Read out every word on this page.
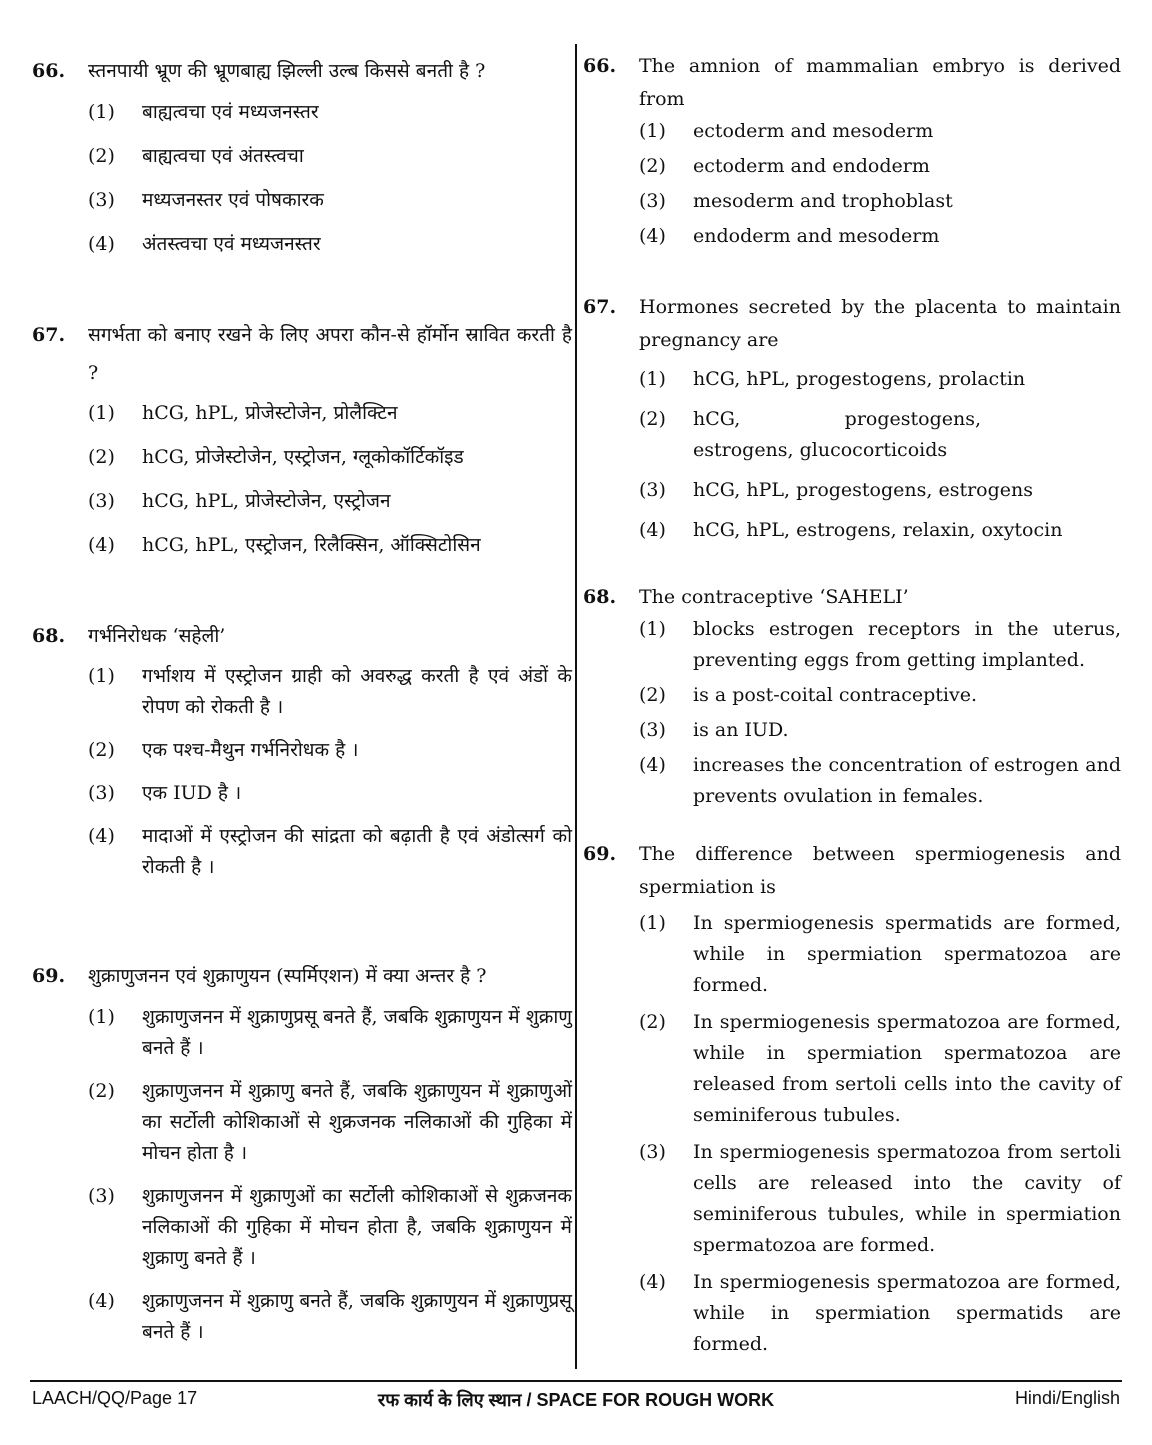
66. स्तनपायी भ्रूण की भ्रूणबाह्य झिल्ली उल्ब किससे बनती है ?
(1) बाह्यत्वचा एवं मध्यजनस्तर
(2) बाह्यत्वचा एवं अंतस्त्वचा
(3) मध्यजनस्तर एवं पोषकारक
(4) अंतस्त्वचा एवं मध्यजनस्तर
67. सगर्भता को बनाए रखने के लिए अपरा कौन-से हॉर्मोन स्रावित करती है ?
(1) hCG, hPL, प्रोजेस्टोजेन, प्रोलैक्टिन
(2) hCG, प्रोजेस्टोजेन, एस्ट्रोजन, ग्लूकोकॉर्टिकॉइड
(3) hCG, hPL, प्रोजेस्टोजेन, एस्ट्रोजन
(4) hCG, hPL, एस्ट्रोजन, रिलैक्सिन, ऑक्सिटोसिन
68. गर्भनिरोधक ‘सहेली’
(1) गर्भाशय में एस्ट्रोजन ग्राही को अवरुद्ध करती है एवं अंडों के रोपण को रोकती है ।
(2) एक पश्च-मैथुन गर्भनिरोधक है ।
(3) एक IUD है ।
(4) मादाओं में एस्ट्रोजन की सांद्रता को बढ़ाती है एवं अंडोत्सर्ग को रोकती है ।
69. शुक्राणुजनन एवं शुक्राणुयन (स्पर्मिएशन) में क्या अन्तर है ?
(1) शुक्राणुजनन में शुक्राणुप्रसू बनते हैं, जबकि शुक्राणुयन में शुक्राणु बनते हैं ।
(2) शुक्राणुजनन में शुक्राणु बनते हैं, जबकि शुक्राणुयन में शुक्राणुओं का सर्टोली कोशिकाओं से शुक्रजनक नलिकाओं की गुहिका में मोचन होता है ।
(3) शुक्राणुजनन में शुक्राणुओं का सर्टोली कोशिकाओं से शुक्रजनक नलिकाओं की गुहिका में मोचन होता है, जबकि शुक्राणुयन में शुक्राणु बनते हैं ।
(4) शुक्राणुजनन में शुक्राणु बनते हैं, जबकि शुक्राणुयन में शुक्राणुप्रसू बनते हैं ।
66. The amnion of mammalian embryo is derived from
(1) ectoderm and mesoderm
(2) ectoderm and endoderm
(3) mesoderm and trophoblast
(4) endoderm and mesoderm
67. Hormones secreted by the placenta to maintain pregnancy are
(1) hCG, hPL, progestogens, prolactin
(2) hCG, progestogens, estrogens, glucocorticoids
(3) hCG, hPL, progestogens, estrogens
(4) hCG, hPL, estrogens, relaxin, oxytocin
68. The contraceptive ‘SAHELI’
(1) blocks estrogen receptors in the uterus, preventing eggs from getting implanted.
(2) is a post-coital contraceptive.
(3) is an IUD.
(4) increases the concentration of estrogen and prevents ovulation in females.
69. The difference between spermiogenesis and spermiation is
(1) In spermiogenesis spermatids are formed, while in spermiation spermatozoa are formed.
(2) In spermiogenesis spermatozoa are formed, while in spermiation spermatozoa are released from sertoli cells into the cavity of seminiferous tubules.
(3) In spermiogenesis spermatozoa from sertoli cells are released into the cavity of seminiferous tubules, while in spermiation spermatozoa are formed.
(4) In spermiogenesis spermatozoa are formed, while in spermiation spermatids are formed.
LAACH/QQ/Page 17	रफ कार्य के लिए स्थान / SPACE FOR ROUGH WORK	Hindi/English
